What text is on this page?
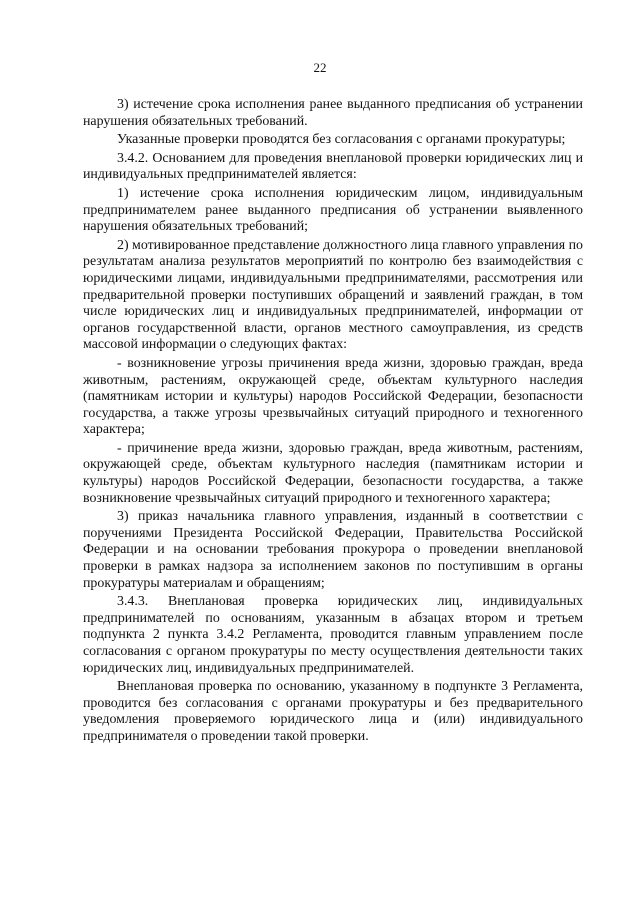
22

3) истечение срока исполнения ранее выданного предписания об устранении нарушения обязательных требований.

Указанные проверки проводятся без согласования с органами прокуратуры;

3.4.2. Основанием для проведения внеплановой проверки юридических лиц и индивидуальных предпринимателей является:

1) истечение срока исполнения юридическим лицом, индивидуальным предпринимателем ранее выданного предписания об устранении выявленного нарушения обязательных требований;

2) мотивированное представление должностного лица главного управления по результатам анализа результатов мероприятий по контролю без взаимодействия с юридическими лицами, индивидуальными предпринимателями, рассмотрения или предварительной проверки поступивших обращений и заявлений граждан, в том числе юридических лиц и индивидуальных предпринимателей, информации от органов государственной власти, органов местного самоуправления, из средств массовой информации о следующих фактах:

- возникновение угрозы причинения вреда жизни, здоровью граждан, вреда животным, растениям, окружающей среде, объектам культурного наследия (памятникам истории и культуры) народов Российской Федерации, безопасности государства, а также угрозы чрезвычайных ситуаций природного и техногенного характера;

- причинение вреда жизни, здоровью граждан, вреда животным, растениям, окружающей среде, объектам культурного наследия (памятникам истории и культуры) народов Российской Федерации, безопасности государства, а также возникновение чрезвычайных ситуаций природного и техногенного характера;

3) приказ начальника главного управления, изданный в соответствии с поручениями Президента Российской Федерации, Правительства Российской Федерации и на основании требования прокурора о проведении внеплановой проверки в рамках надзора за исполнением законов по поступившим в органы прокуратуры материалам и обращениям;

3.4.3. Внеплановая проверка юридических лиц, индивидуальных предпринимателей по основаниям, указанным в абзацах втором и третьем подпункта 2 пункта 3.4.2 Регламента, проводится главным управлением после согласования с органом прокуратуры по месту осуществления деятельности таких юридических лиц, индивидуальных предпринимателей.

Внеплановая проверка по основанию, указанному в подпункте 3 Регламента, проводится без согласования с органами прокуратуры и без предварительного уведомления проверяемого юридического лица и (или) индивидуального предпринимателя о проведении такой проверки.
